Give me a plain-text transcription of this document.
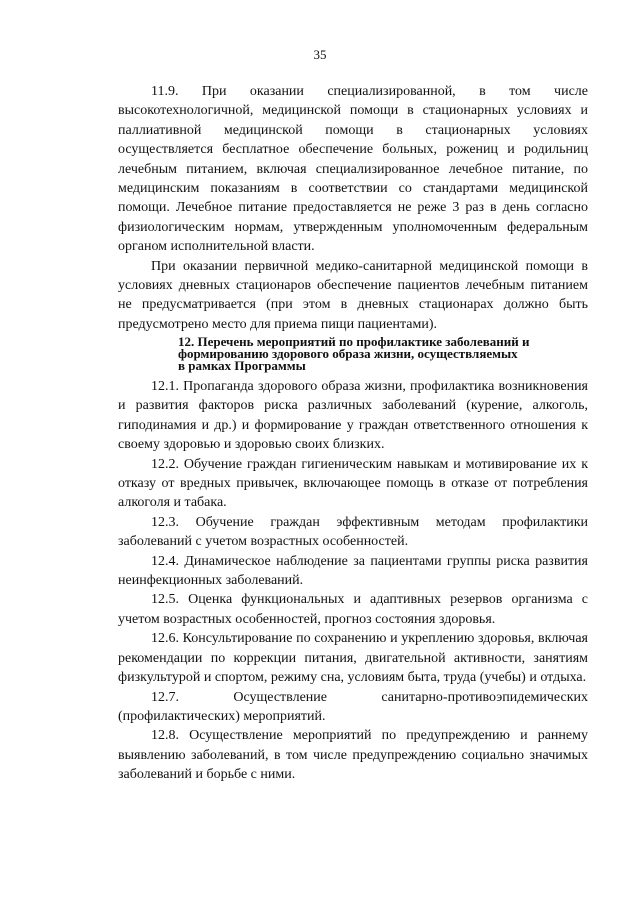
35

11.9. При оказании специализированной, в том числе высокотехнологичной, медицинской помощи в стационарных условиях и паллиативной медицинской помощи в стационарных условиях осуществляется бесплатное обеспечение больных, рожениц и родильниц лечебным питанием, включая специализированное лечебное питание, по медицинским показаниям в соответствии со стандартами медицинской помощи. Лечебное питание предоставляется не реже 3 раз в день согласно физиологическим нормам, утвержденным уполномоченным федеральным органом исполнительной власти.

При оказании первичной медико-санитарной медицинской помощи в условиях дневных стационаров обеспечение пациентов лечебным питанием не предусматривается (при этом в дневных стационарах должно быть предусмотрено место для приема пищи пациентами).

12. Перечень мероприятий по профилактике заболеваний и
формированию здорового образа жизни, осуществляемых
в рамках Программы

12.1. Пропаганда здорового образа жизни, профилактика возникновения и развития факторов риска различных заболеваний (курение, алкоголь, гиподинамия и др.) и формирование у граждан ответственного отношения к своему здоровью и здоровью своих близких.

12.2. Обучение граждан гигиеническим навыкам и мотивирование их к отказу от вредных привычек, включающее помощь в отказе от потребления алкоголя и табака.

12.3. Обучение граждан эффективным методам профилактики заболеваний с учетом возрастных особенностей.

12.4. Динамическое наблюдение за пациентами группы риска развития неинфекционных заболеваний.

12.5. Оценка функциональных и адаптивных резервов организма с учетом возрастных особенностей, прогноз состояния здоровья.

12.6. Консультирование по сохранению и укреплению здоровья, включая рекомендации по коррекции питания, двигательной активности, занятиям физкультурой и спортом, режиму сна, условиям быта, труда (учебы) и отдыха.

12.7. Осуществление санитарно-противоэпидемических (профилактических) мероприятий.

12.8. Осуществление мероприятий по предупреждению и раннему выявлению заболеваний, в том числе предупреждению социально значимых заболеваний и борьбе с ними.
